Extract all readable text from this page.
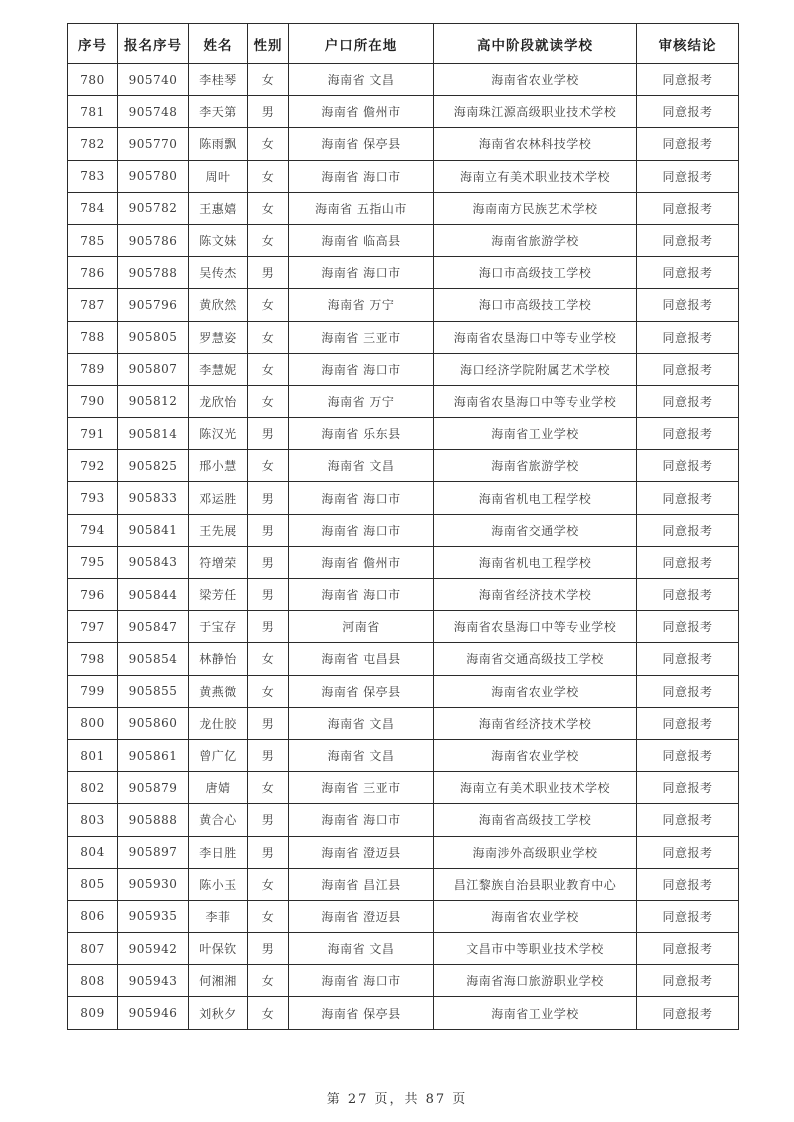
序号	报名序号	姓名	性别	户口所在地	高中阶段就读学校	审核结论
780	905740	李桂琴	女	海南省 文昌	海南省农业学校	同意报考
781	905748	李天第	男	海南省 儋州市	海南珠江源高级职业技术学校	同意报考
782	905770	陈雨飘	女	海南省 保亭县	海南省农林科技学校	同意报考
783	905780	周叶	女	海南省 海口市	海南立有美术职业技术学校	同意报考
784	905782	王惠嬉	女	海南省 五指山市	海南南方民族艺术学校	同意报考
785	905786	陈文妹	女	海南省 临高县	海南省旅游学校	同意报考
786	905788	吴传杰	男	海南省 海口市	海口市高级技工学校	同意报考
787	905796	黄欣然	女	海南省 万宁	海口市高级技工学校	同意报考
788	905805	罗慧姿	女	海南省 三亚市	海南省农垦海口中等专业学校	同意报考
789	905807	李慧妮	女	海南省 海口市	海口经济学院附属艺术学校	同意报考
790	905812	龙欣怡	女	海南省 万宁	海南省农垦海口中等专业学校	同意报考
791	905814	陈汉光	男	海南省 乐东县	海南省工业学校	同意报考
792	905825	邢小慧	女	海南省 文昌	海南省旅游学校	同意报考
793	905833	邓运胜	男	海南省 海口市	海南省机电工程学校	同意报考
794	905841	王先展	男	海南省 海口市	海南省交通学校	同意报考
795	905843	符增荣	男	海南省 儋州市	海南省机电工程学校	同意报考
796	905844	梁芳任	男	海南省 海口市	海南省经济技术学校	同意报考
797	905847	于宝存	男	河南省	海南省农垦海口中等专业学校	同意报考
798	905854	林静怡	女	海南省 屯昌县	海南省交通高级技工学校	同意报考
799	905855	黄燕微	女	海南省 保亭县	海南省农业学校	同意报考
800	905860	龙仕胶	男	海南省 文昌	海南省经济技术学校	同意报考
801	905861	曾广亿	男	海南省 文昌	海南省农业学校	同意报考
802	905879	唐婧	女	海南省 三亚市	海南立有美术职业技术学校	同意报考
803	905888	黄合心	男	海南省 海口市	海南省高级技工学校	同意报考
804	905897	李日胜	男	海南省 澄迈县	海南涉外高级职业学校	同意报考
805	905930	陈小玉	女	海南省 昌江县	昌江黎族自治县职业教育中心	同意报考
806	905935	李菲	女	海南省 澄迈县	海南省农业学校	同意报考
807	905942	叶保钦	男	海南省 文昌	文昌市中等职业技术学校	同意报考
808	905943	何湘湘	女	海南省 海口市	海南省海口旅游职业学校	同意报考
809	905946	刘秋夕	女	海南省 保亭县	海南省工业学校	同意报考
第 27 页，共 87 页
